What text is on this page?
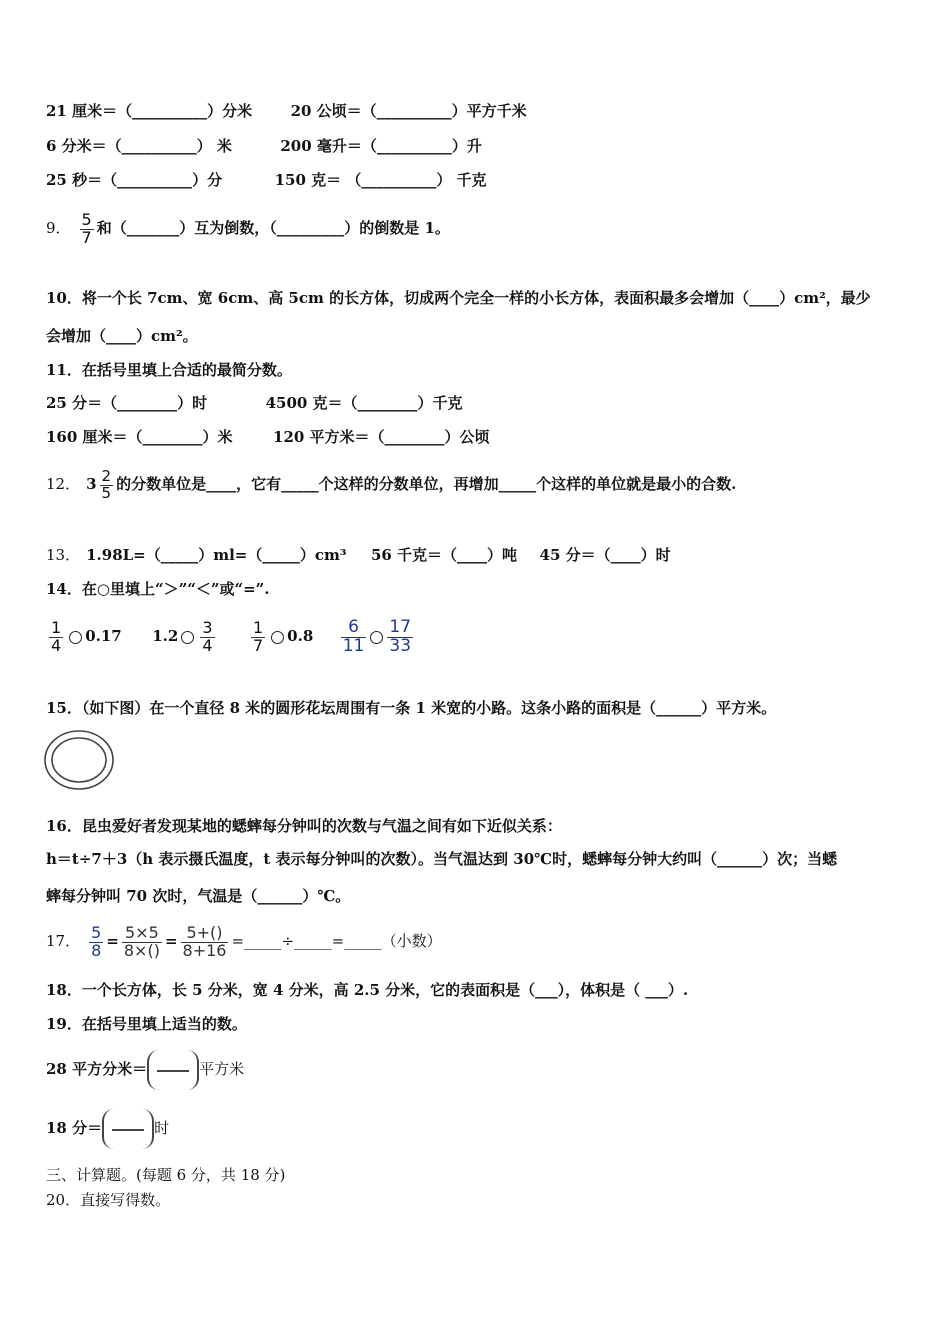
21 厘米＝（__________）分米	20 公顷＝（__________）平方千米
6 分米＝（__________） 米	200 毫升＝（__________）升
25 秒＝（__________）分	150 克＝ （__________） 千克
9． $\frac{5}{7}$ 和（_______）互为倒数，（_________）的倒数是 1。
10．将一个长 7cm、宽 6cm、高 5cm 的长方体，切成两个完全一样的小长方体，表面积最多会增加（____）cm²，最少
会增加（____）cm²。
11．在括号里填上合适的最简分数。
25 分＝（________）时	4500 克＝（________）千克
160 厘米＝（________）米	120 平方米＝（________）公顷
12． $3 \frac{2}{5}$ 的分数单位是____，它有_____个这样的分数单位，再增加_____个这样的单位就是最小的合数.
13． 1.98L=（_____）ml=（_____）cm³ 56 千克＝（____）吨 45 分＝（____）时
14．在○里填上“＞”“＜”或“=”.
$\frac{1}{4} 0.17$ $1.2 \frac{3}{4}$
$\frac{1}{7} 0.8 \frac{6}{11} \frac{17}{33}$
15．（如下图）在一个直径 8 米的圆形花坛周围有一条 1 米宽的小路。这条小路的面积是（______）平方米。
16．昆虫爱好者发现某地的蟋蟀每分钟叫的次数与气温之间有如下近似关系：
h＝t÷7＋3（h 表示摄氏温度，t 表示每分钟叫的次数）。当气温达到 30℃时，蟋蟀每分钟大约叫（______）次；当蟋
蟀每分钟叫 70 次时，气温是（______）℃。
17． $\frac{5}{8} = \frac{5\times 5}{8\times()} = \frac{5+()}{8+16}$ =_____÷_____=_____（小数）
18．一个长方体，长 5 分米，宽 4 分米，高 2.5 分米，它的表面积是（___），体积是（ ___）.
19．在括号里填上适当的数。
28 平方分米＝	平方米
18 分＝	时
三、计算题。(每题 6 分，共 18 分)
20．直接写得数。
